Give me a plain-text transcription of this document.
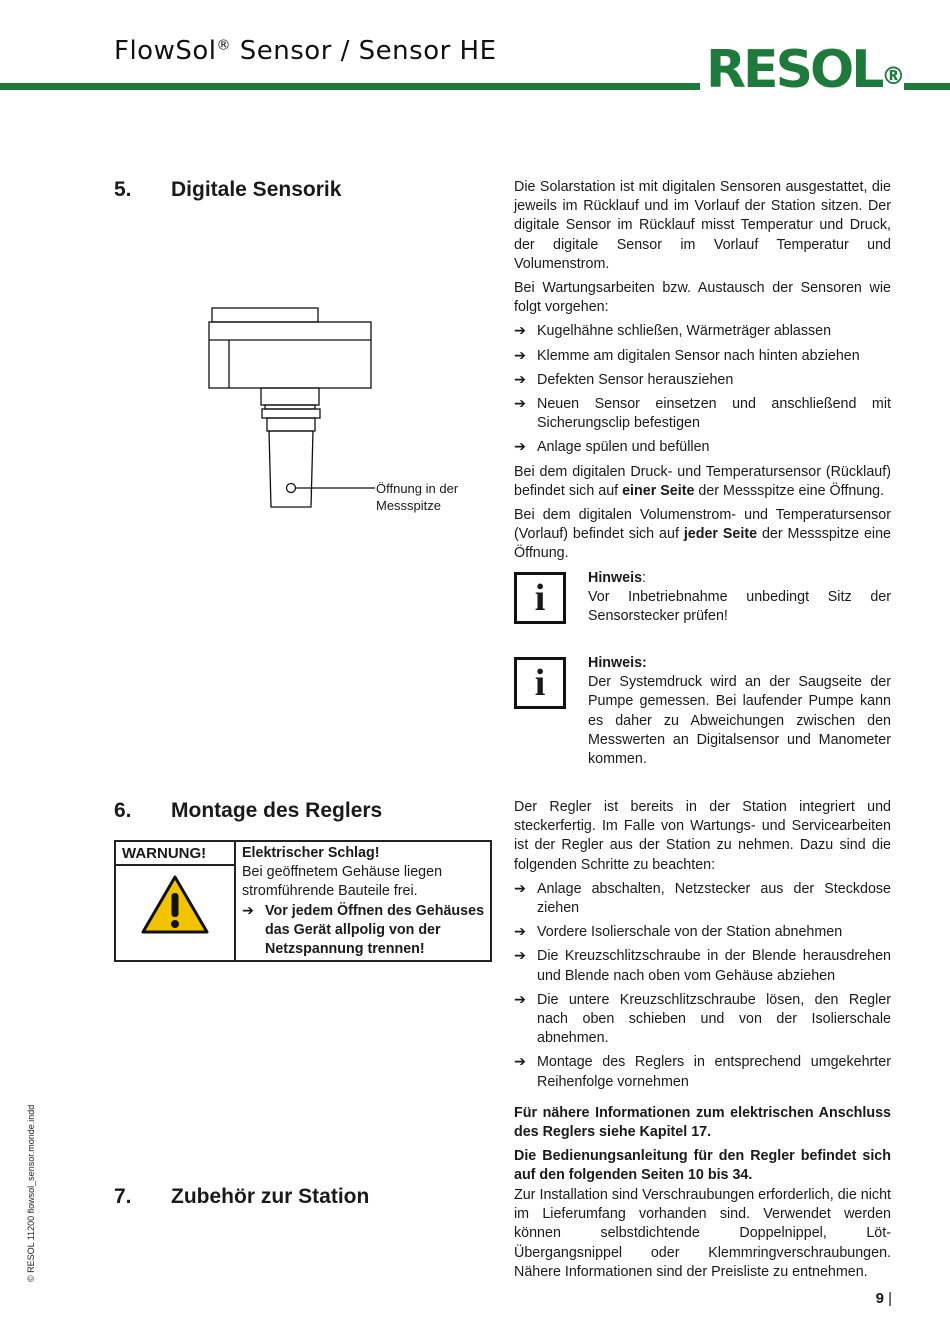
FlowSol® Sensor / Sensor HE	RESOL®
5. Digitale Sensorik
Öffnung in der
Messspitze

Die Solarstation ist mit digitalen Sensoren ausgestattet, die jeweils im Rücklauf und im Vorlauf der Station sitzen. Der digitale Sensor im Rücklauf misst Temperatur und Druck, der digitale Sensor im Vorlauf Temperatur und Volumenstrom.

Bei Wartungsarbeiten bzw. Austausch der Sensoren wie folgt vorgehen:

➔ Kugelhähne schließen, Wärmeträger ablassen
➔ Klemme am digitalen Sensor nach hinten abziehen
➔ Defekten Sensor herausziehen
➔ Neuen Sensor einsetzen und anschließend mit Sicherungsclip befestigen
➔ Anlage spülen und befüllen

Bei dem digitalen Druck- und Temperatursensor (Rücklauf) befindet sich auf einer Seite der Messspitze eine Öffnung.

Bei dem digitalen Volumenstrom- und Temperatursensor (Vorlauf) befindet sich auf jeder Seite der Messspitze eine Öffnung.

i	Hinweis:
Vor Inbetriebnahme unbedingt Sitz der Sensorstecker prüfen!
i	Hinweis:
Der Systemdruck wird an der Saugseite der Pumpe gemessen. Bei laufender Pumpe kann es daher zu Abweichungen zwischen den Messwerten an Digitalsensor und Manometer kommen.
6. Montage des Reglers
WARNUNG!	Elektrischer Schlag!
Bei geöffnetem Gehäuse liegen stromführende Bauteile frei.
➔ Vor jedem Öffnen des Gehäuses das Gerät allpolig von der Netzspannung trennen!

Der Regler ist bereits in der Station integriert und steckerfertig. Im Falle von Wartungs- und Servicearbeiten ist der Regler aus der Station zu nehmen. Dazu sind die folgenden Schritte zu beachten:

➔ Anlage abschalten, Netzstecker aus der Steckdose ziehen
➔ Vordere Isolierschale von der Station abnehmen
➔ Die Kreuzschlitzschraube in der Blende herausdrehen und Blende nach oben vom Gehäuse abziehen
➔ Die untere Kreuzschlitzschraube lösen, den Regler nach oben schieben und von der Isolierschale abnehmen.
➔ Montage des Reglers in entsprechend umgekehrter Reihenfolge vornehmen

Für nähere Informationen zum elektrischen Anschluss des Reglers siehe Kapitel 17.

Die Bedienungsanleitung für den Regler befindet sich auf den folgenden Seiten 10 bis 34.

7. Zubehör zur Station	Zur Installation sind Verschraubungen erforderlich, die nicht im Lieferumfang vorhanden sind. Verwendet werden können selbstdichtende Doppelnippel, Löt-Übergangsnippel oder Klemmringverschraubungen. Nähere Informationen sind der Preisliste zu entnehmen.
© RESOL 11200 flowsol_sensor.monde.indd
9 |
